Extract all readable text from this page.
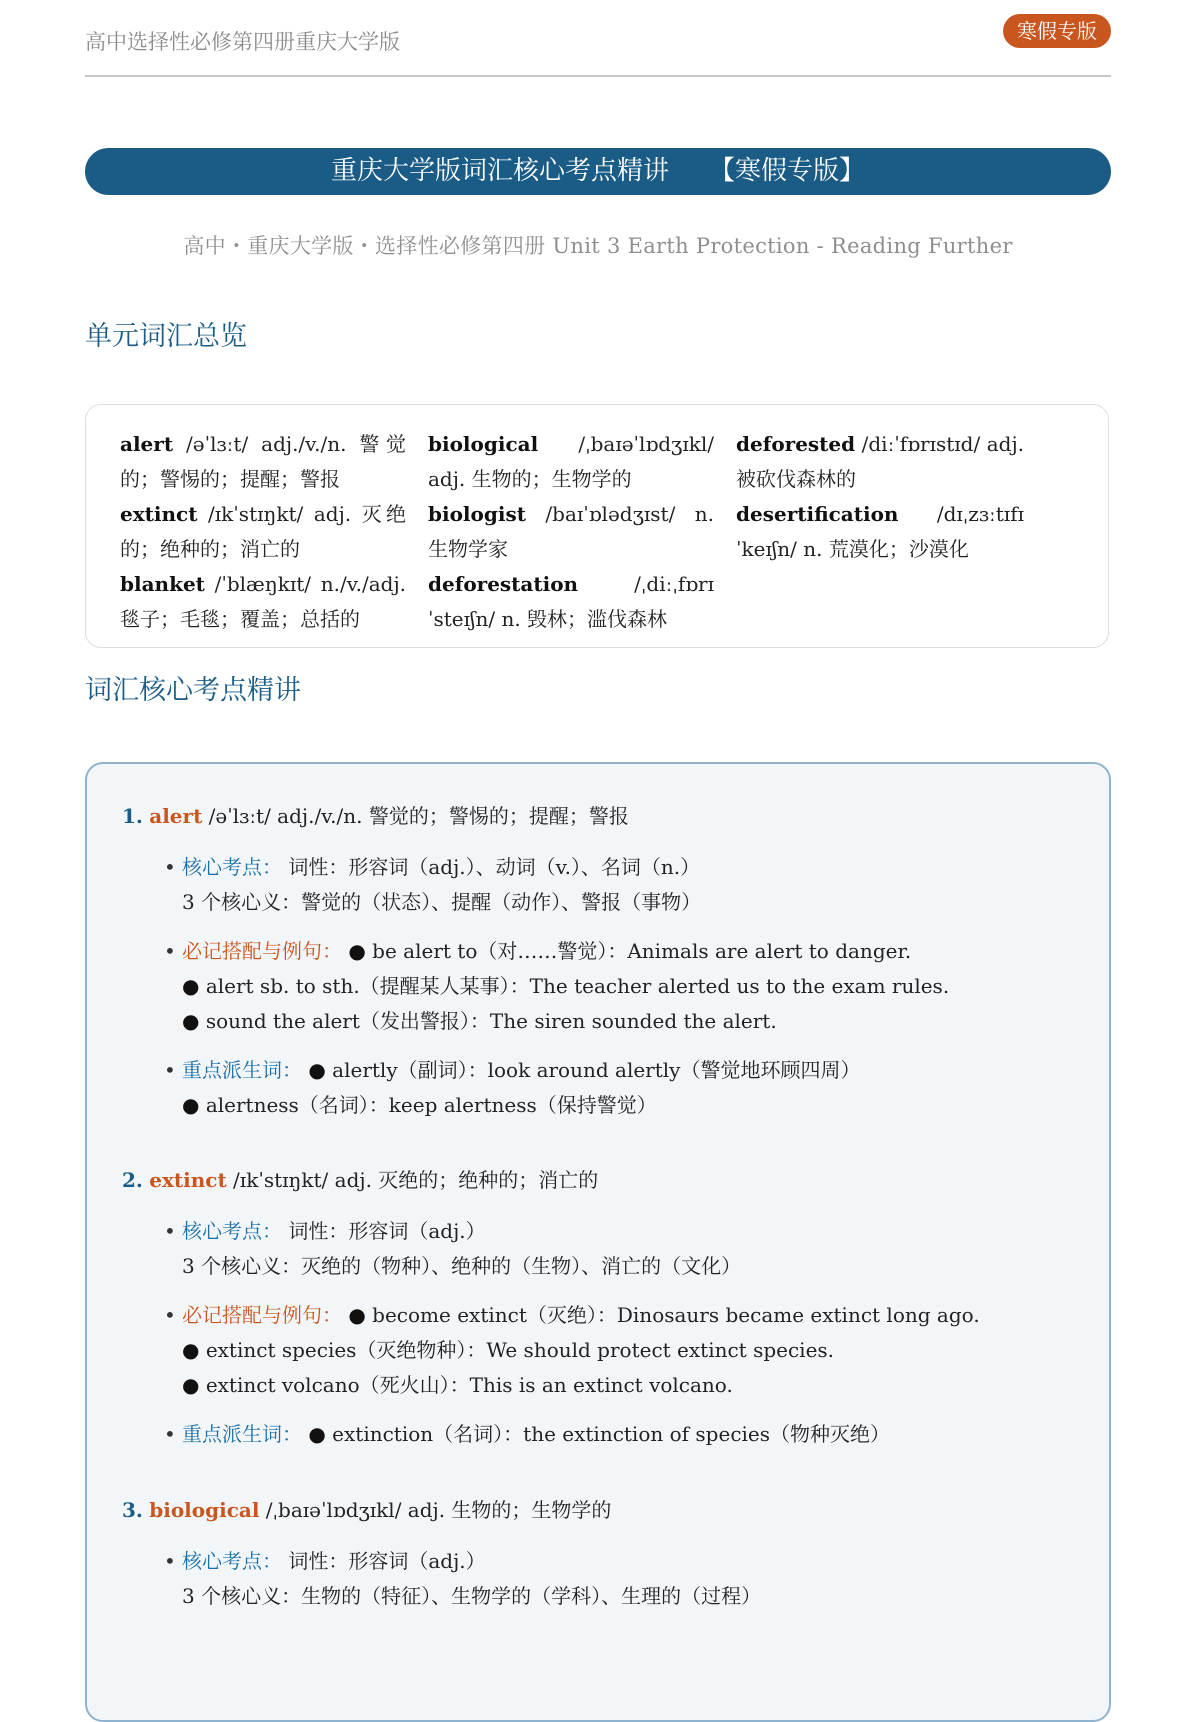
高中选择性必修第四册重庆大学版	寒假专版
重庆大学版词汇核心考点精讲 【寒假专版】
高中・重庆大学版・选择性必修第四册 Unit 3 Earth Protection - Reading Further
单元词汇总览
alert /əˈlɜːt/ adj./v./n. 警觉的；警惕的；提醒；警报
extinct /ɪkˈstɪŋkt/ adj. 灭绝的；绝种的；消亡的
blanket /ˈblæŋkɪt/ n./v./adj. 毯子；毛毯；覆盖；总括的
biological /ˌbaɪəˈlɒdʒɪkl/ adj. 生物的；生物学的
biologist /baɪˈɒlədʒɪst/ n. 生物学家
deforestation /ˌdiːˌfɒrɪˈsteɪʃn/ n. 毁林；滥伐森林
deforested /diːˈfɒrɪstɪd/ adj. 被砍伐森林的
desertification /dɪˌzɜːtɪfɪˈkeɪʃn/ n. 荒漠化；沙漠化
词汇核心考点精讲
1. alert /əˈlɜːt/ adj./v./n. 警觉的；警惕的；提醒；警报
• 核心考点： 词性：形容词（adj.）、动词（v.）、名词（n.）
3 个核心义：警觉的（状态）、提醒（动作）、警报（事物）
• 必记搭配与例句： ● be alert to（对……警觉）：Animals are alert to danger.
● alert sb. to sth.（提醒某人某事）：The teacher alerted us to the exam rules.
● sound the alert（发出警报）：The siren sounded the alert.
• 重点派生词： ● alertly（副词）：look around alertly（警觉地环顾四周）
● alertness（名词）：keep alertness（保持警觉）
2. extinct /ɪkˈstɪŋkt/ adj. 灭绝的；绝种的；消亡的
• 核心考点： 词性：形容词（adj.）
3 个核心义：灭绝的（物种）、绝种的（生物）、消亡的（文化）
• 必记搭配与例句： ● become extinct（灭绝）：Dinosaurs became extinct long ago.
● extinct species（灭绝物种）：We should protect extinct species.
● extinct volcano（死火山）：This is an extinct volcano.
• 重点派生词： ● extinction（名词）：the extinction of species（物种灭绝）
3. biological /ˌbaɪəˈlɒdʒɪkl/ adj. 生物的；生物学的
• 核心考点： 词性：形容词（adj.）
3 个核心义：生物的（特征）、生物学的（学科）、生理的（过程）
